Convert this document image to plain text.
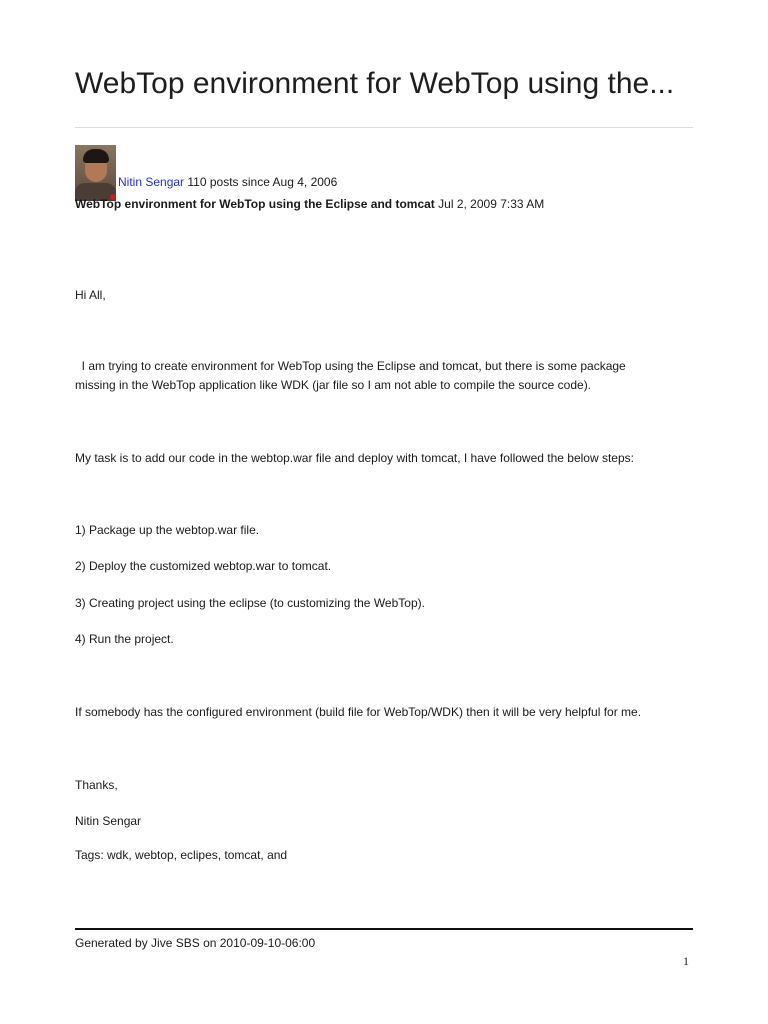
WebTop environment for WebTop using the...
Nitin Sengar 110 posts since Aug 4, 2006
WebTop environment for WebTop using the Eclipse and tomcat Jul 2, 2009 7:33 AM
Hi All,
I am trying to create environment for WebTop using the Eclipse and tomcat, but there is some package
missing in the WebTop application like WDK (jar file so I am not able to compile the source code).
My task is to add our code in the webtop.war file and deploy with tomcat, I have followed the below steps:
1) Package up the webtop.war file.
2) Deploy the customized webtop.war to tomcat.
3) Creating project using the eclipse (to customizing the WebTop).
4) Run the project.
If somebody has the configured environment (build file for WebTop/WDK) then it will be very helpful for me.
Thanks,
Nitin Sengar
Tags: wdk, webtop, eclipes, tomcat, and
Generated by Jive SBS on 2010-09-10-06:00
1
